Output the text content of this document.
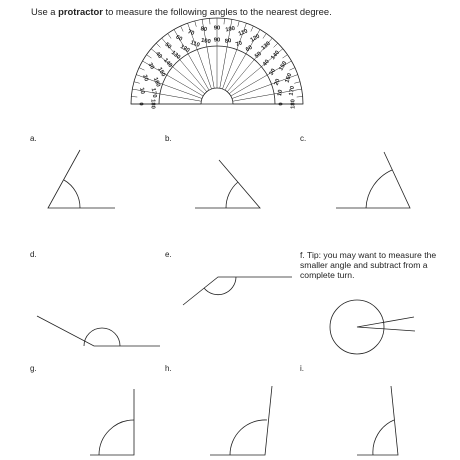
Use a protractor to measure the following angles to the nearest degree.
0
10
20
30
40
50
60
70 80 90 100 110
120
130
140
150
160
170
180
180
170
160
150
140
130
120 110 100 90 80 70
60
50
40
30
20
10
0
a.	b.	c.
d.	e.	f. Tip: you may want to measure the smaller angle and subtract from a complete turn.
g.	h.	i.
